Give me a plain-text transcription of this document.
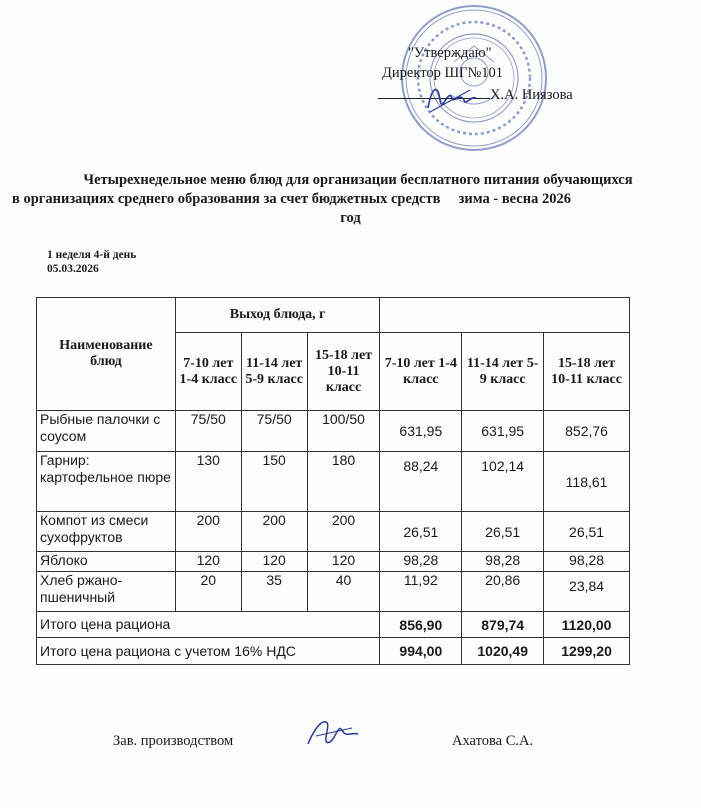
"Утверждаю"
Директор ШГ№101
Х.А. Ниязова
Четырехнедельное меню блюд для организации бесплатного питания обучающихся
в организациях среднего образования за счет бюджетных средств     зима - весна 2026
год
1 неделя 4-й день
05.03.2026
Наименование блюд	Выход блюда, г					
	7-10 лет 1-4 класс	11-14 лет 5-9 класс	15-18 лет 10-11 класс	7-10 лет 1-4 класс	11-14 лет 5-9 класс	15-18 лет 10-11 класс
Рыбные палочки с соусом	75/50	75/50	100/50	631,95	631,95	852,76
Гарнир: картофельное пюре	130	150	180	88,24	102,14	118,61
Компот из смеси сухофруктов	200	200	200	26,51	26,51	26,51
Яблоко	120	120	120	98,28	98,28	98,28
Хлеб ржано-пшеничный	20	35	40	11,92	20,86	23,84
Итого цена рациона				856,90	879,74	1120,00
Итого цена рациона с учетом 16% НДС				994,00	1020,49	1299,20
Зав. производством	Ахатова С.А.
